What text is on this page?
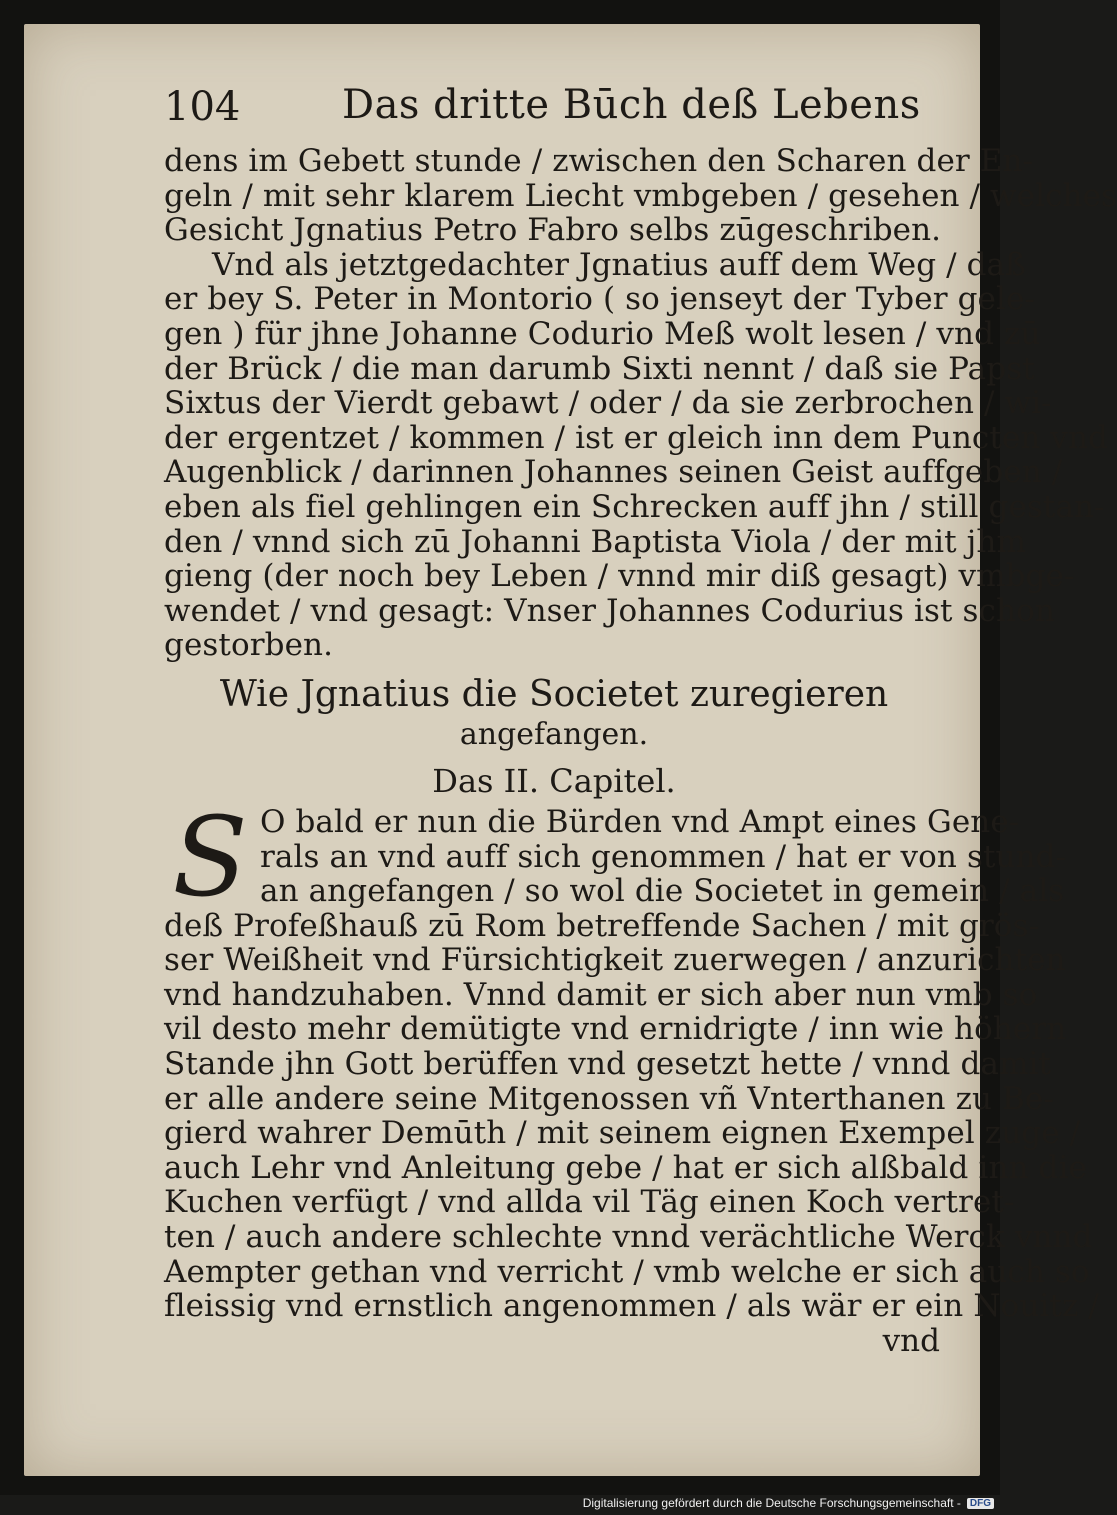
104	Das dritte Būch deß Lebens
dens im Gebett stunde / zwischen den Scharen der En-
geln / mit sehr klarem Liecht vmbgeben / gesehen / welches
Gesicht Jgnatius Petro Fabro selbs zūgeschriben.
Vnd als jetztgedachter Jgnatius auff dem Weg / daß
er bey S. Peter in Montorio ( so jenseyt der Tyber gele-
gen ) für jhne Johanne Codurio Meß wolt lesen / vnd zū
der Brück / die man darumb Sixti nennt / daß sie Papst
Sixtus der Vierdt gebawt / oder / da sie zerbrochen / wi-
der ergentzet / kommen / ist er gleich inn dem Puncten vnd
Augenblick / darinnen Johannes seinen Geist auffgeben /
eben als fiel gehlingen ein Schrecken auff jhn / still gestan-
den / vnnd sich zū Johanni Baptista Viola / der mit jhm
gieng (der noch bey Leben / vnnd mir diß gesagt) vmbge-
wendet / vnd gesagt: Vnser Johannes Codurius ist schon
gestorben.
Wie Jgnatius die Societet zuregieren
angefangen.
Das II. Capitel.
S O bald er nun die Bürden vnd Ampt eines Gene-
rals an vnd auff sich genommen / hat er von stund-
an angefangen / so wol die Societet in gemein / als
deß Profeßhauß zū Rom betreffende Sachen / mit grös-
ser Weißheit vnd Fürsichtigkeit zuerwegen / anzurichten
vnd handzuhaben. Vnnd damit er sich aber nun vmb so
vil desto mehr demütigte vnd ernidrigte / inn wie höhern
Stande jhn Gott berüffen vnd gesetzt hette / vnnd damit
er alle andere seine Mitgenossen vñ Vnterthanen zu Be-
gierd wahrer Demūth / mit seinem eignen Exempel zuge /
auch Lehr vnd Anleitung gebe / hat er sich alßbald inn die
Kuchen verfügt / vnd allda vil Täg einen Koch vertret-
ten / auch andere schlechte vnnd verächtliche Werck vnnd
Aempter gethan vnd verricht / vmb welche er sich auch so
fleissig vnd ernstlich angenommen / als wär er ein Nouitz /
vnd
Digitalisierung gefördert durch die Deutsche Forschungsgemeinschaft - DFG
